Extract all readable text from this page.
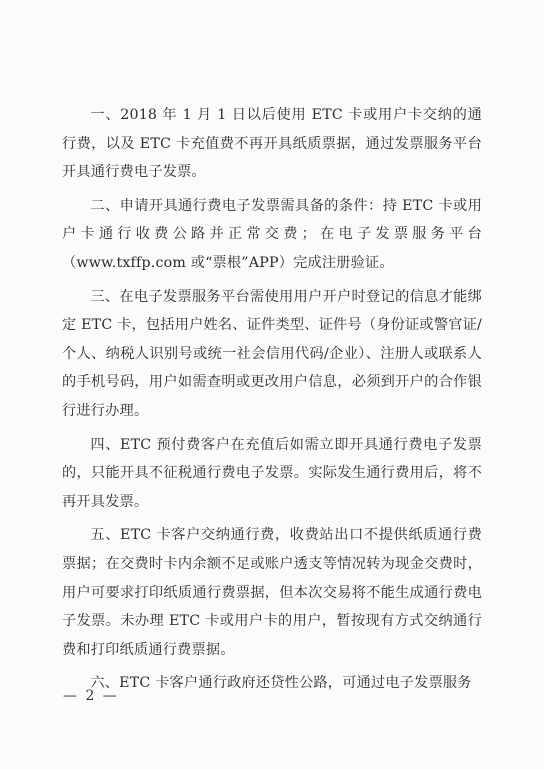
一、2018 年 1 月 1 日以后使用 ETC 卡或用户卡交纳的通行费，以及 ETC 卡充值费不再开具纸质票据，通过发票服务平台开具通行费电子发票。

二、申请开具通行费电子发票需具备的条件：持 ETC 卡或用户卡通行收费公路并正常交费；在电子发票服务平台（www.txffp.com 或“票根”APP）完成注册验证。

三、在电子发票服务平台需使用用户开户时登记的信息才能绑定 ETC 卡，包括用户姓名、证件类型、证件号（身份证或警官证/个人、纳税人识别号或统一社会信用代码/企业）、注册人或联系人的手机号码，用户如需查明或更改用户信息，必须到开户的合作银行进行办理。

四、ETC 预付费客户在充值后如需立即开具通行费电子发票的，只能开具不征税通行费电子发票。实际发生通行费用后，将不再开具发票。

五、ETC 卡客户交纳通行费，收费站出口不提供纸质通行费票据；在交费时卡内余额不足或账户透支等情况转为现金交费时，用户可要求打印纸质通行费票据，但本次交易将不能生成通行费电子发票。未办理 ETC 卡或用户卡的用户，暂按现有方式交纳通行费和打印纸质通行费票据。

六、ETC 卡客户通行政府还贷性公路，可通过电子发票服务

— 2 —
